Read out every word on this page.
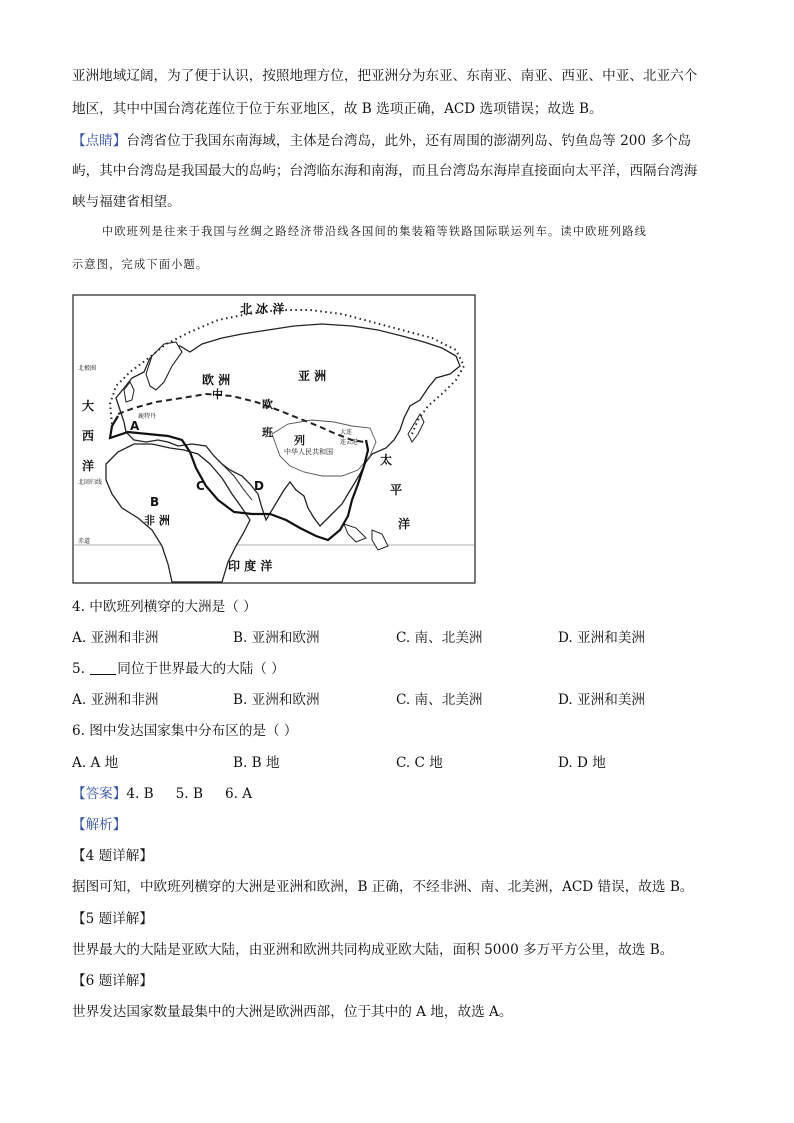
亚洲地域辽阔，为了便于认识，按照地理方位，把亚洲分为东亚、东南亚、南亚、西亚、中亚、北亚六个
地区，其中中国台湾花莲位于位于东亚地区，故 B 选项正确，ACD 选项错误；故选 B。
【点睛】台湾省位于我国东南海域，主体是台湾岛，此外，还有周围的澎湖列岛、钓鱼岛等 200 多个岛
屿，其中台湾岛是我国最大的岛屿；台湾临东海和南海，而且台湾岛东海岸直接面向太平洋，西隔台湾海
峡与福建省相望。
中欧班列是往来于我国与丝绸之路经济带沿线各国间的集装箱等铁路国际联运列车。读中欧班列路线
示意图，完成下面小题。
北 冰 洋
欧 洲	亚 洲
大
西
洋	太
平
洋
印 度 洋
非 洲
中华人民共和国
中
欧
班
列
A
B
C	D
大连
连云港
鹿特丹
北极圈
北回归线
赤道
4. 中欧班列横穿的大洲是（ ）
A. 亚洲和非洲	B. 亚洲和欧洲	C. 南、北美洲	D. 亚洲和美洲
5. 同位于世界最大的大陆（ ）
A. 亚洲和非洲	B. 亚洲和欧洲	C. 南、北美洲	D. 亚洲和美洲
6. 图中发达国家集中分布区的是（ ）
A. A 地	B. B 地	C. C 地	D. D 地
【答案】4. B 5. B 6. A
【解析】
【4 题详解】
据图可知，中欧班列横穿的大洲是亚洲和欧洲，B 正确，不经非洲、南、北美洲，ACD 错误，故选 B。
【5 题详解】
世界最大的大陆是亚欧大陆，由亚洲和欧洲共同构成亚欧大陆，面积 5000 多万平方公里，故选 B。
【6 题详解】
世界发达国家数量最集中的大洲是欧洲西部，位于其中的 A 地，故选 A。
